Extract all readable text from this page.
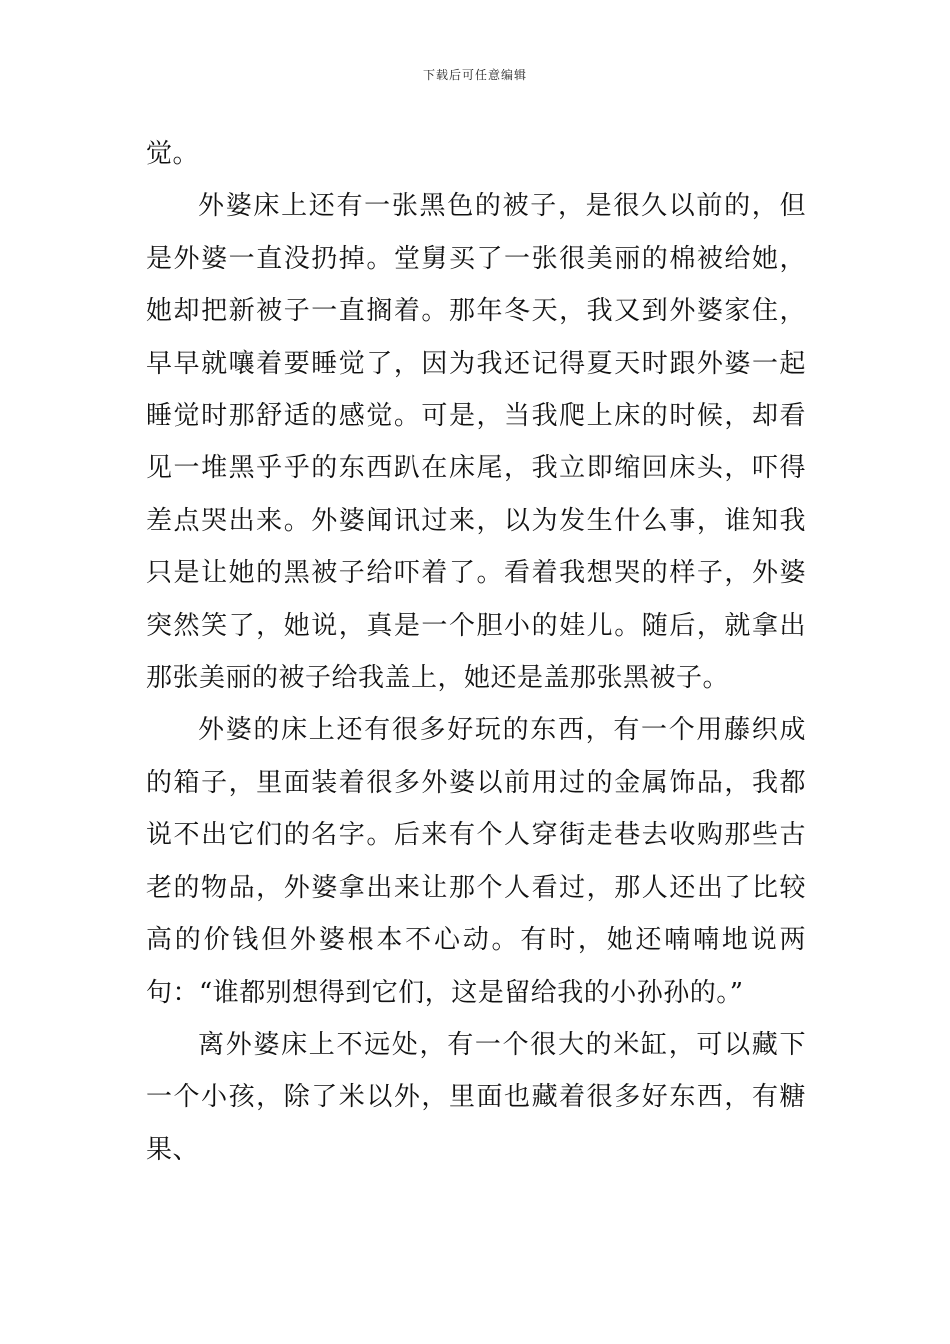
下载后可任意编辑

觉。

外婆床上还有一张黑色的被子，是很久以前的，但是外婆一直没扔掉。堂舅买了一张很美丽的棉被给她，她却把新被子一直搁着。那年冬天，我又到外婆家住，早早就嚷着要睡觉了，因为我还记得夏天时跟外婆一起睡觉时那舒适的感觉。可是，当我爬上床的时候，却看见一堆黑乎乎的东西趴在床尾，我立即缩回床头，吓得差点哭出来。外婆闻讯过来，以为发生什么事，谁知我只是让她的黑被子给吓着了。看着我想哭的样子，外婆突然笑了，她说，真是一个胆小的娃儿。随后，就拿出那张美丽的被子给我盖上，她还是盖那张黑被子。

外婆的床上还有很多好玩的东西，有一个用藤织成的箱子，里面装着很多外婆以前用过的金属饰品，我都说不出它们的名字。后来有个人穿街走巷去收购那些古老的物品，外婆拿出来让那个人看过，那人还出了比较高的价钱但外婆根本不心动。有时，她还喃喃地说两句：“谁都别想得到它们，这是留给我的小孙孙的。”

离外婆床上不远处，有一个很大的米缸，可以藏下一个小孩，除了米以外，里面也藏着很多好东西，有糖果、
